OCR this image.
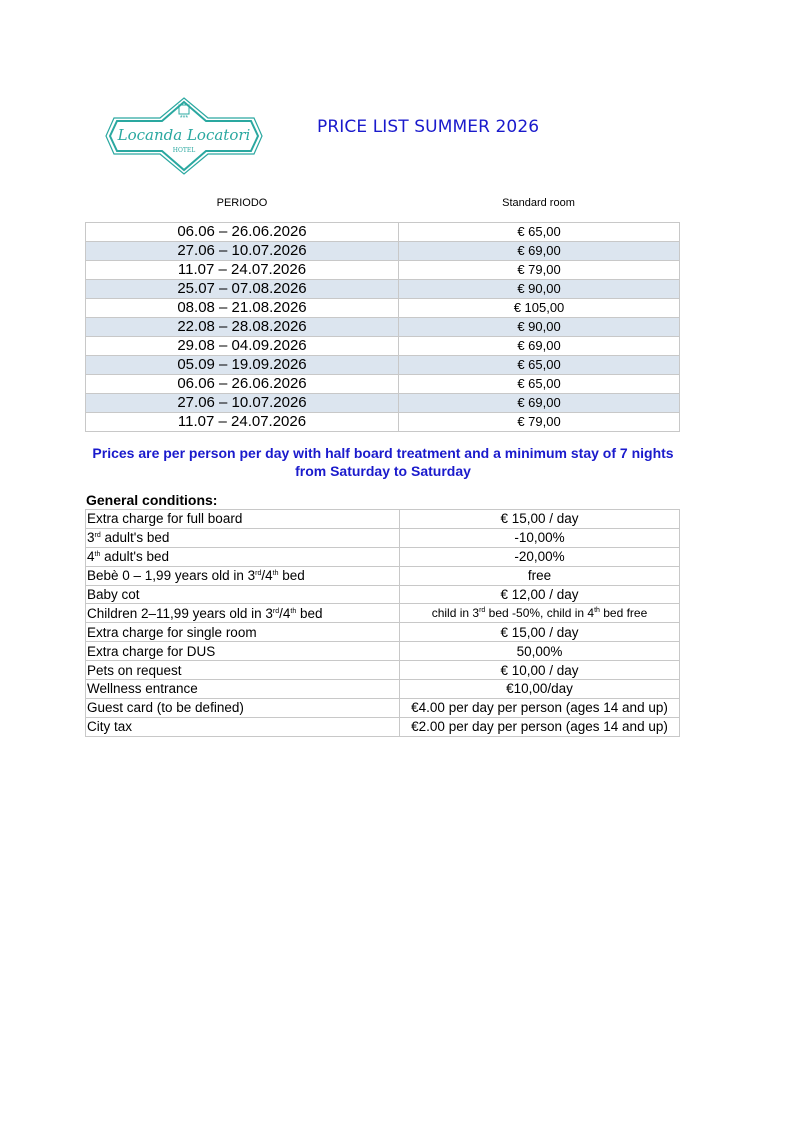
***
Locanda Locatori
HOTEL
PRICE LIST SUMMER 2026
PERIODO	Standard room
06.06 – 26.06.2026	€ 65,00
27.06 – 10.07.2026	€ 69,00
11.07 – 24.07.2026	€ 79,00
25.07 – 07.08.2026	€ 90,00
08.08 – 21.08.2026	€ 105,00
22.08 – 28.08.2026	€ 90,00
29.08 – 04.09.2026	€ 69,00
05.09 – 19.09.2026	€ 65,00
06.06 – 26.06.2026	€ 65,00
27.06 – 10.07.2026	€ 69,00
11.07 – 24.07.2026	€ 79,00
Prices are per person per day with half board treatment and a minimum stay of 7 nights from Saturday to Saturday
General conditions:
Extra charge for full board	€ 15,00 / day
3rd adult's bed	-10,00%
4th adult's bed	-20,00%
Bebè 0 – 1,99 years old in 3rd/4th bed	free
Baby cot	€ 12,00 / day
Children 2–11,99 years old in 3rd/4th bed	child in 3rd bed -50%, child in 4th bed free
Extra charge for single room	€ 15,00 / day
Extra charge for DUS	50,00%
Pets on request	€ 10,00 / day
Wellness entrance	€10,00/day
Guest card (to be defined)	€4.00 per day per person (ages 14 and up)
City tax	€2.00 per day per person (ages 14 and up)
